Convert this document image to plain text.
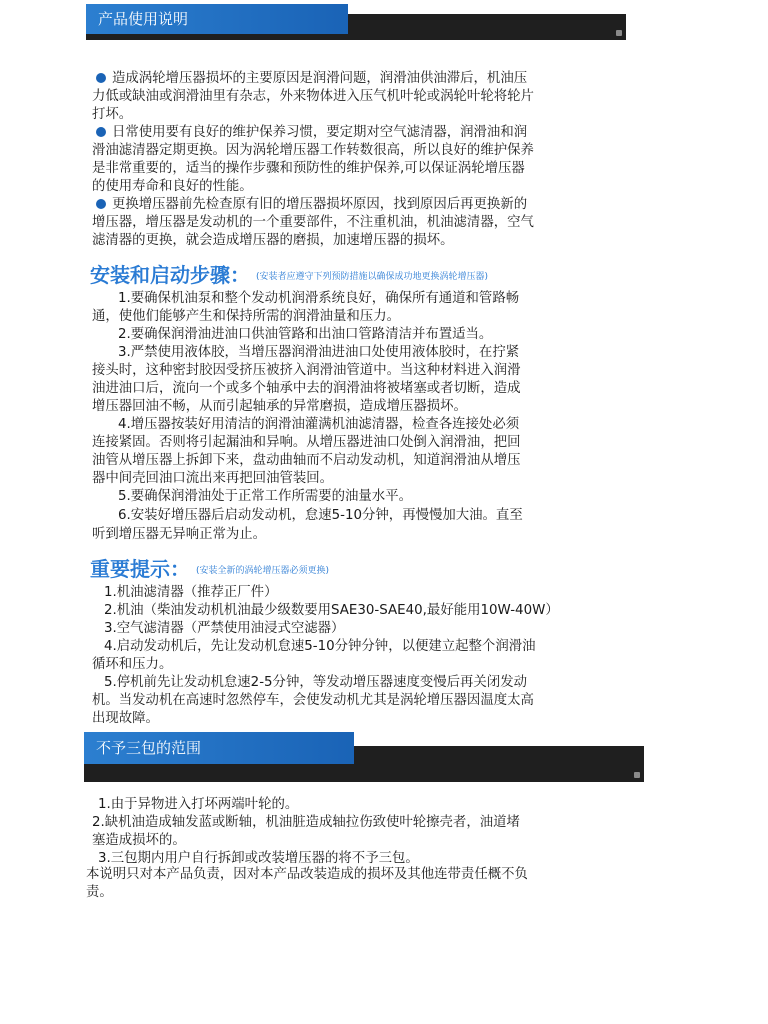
产品使用说明

造成涡轮增压器损坏的主要原因是润滑问题，润滑油供油滞后，机油压

力低或缺油或润滑油里有杂志，外来物体进入压气机叶轮或涡轮叶轮将轮片

打坏。

日常使用要有良好的维护保养习惯，要定期对空气滤清器，润滑油和润

滑油滤清器定期更换。因为涡轮增压器工作转数很高，所以良好的维护保养

是非常重要的，适当的操作步骤和预防性的维护保养,可以保证涡轮增压器

的使用寿命和良好的性能。

更换增压器前先检查原有旧的增压器损坏原因，找到原因后再更换新的

增压器，增压器是发动机的一个重要部件，不注重机油，机油滤清器，空气

滤清器的更换，就会造成增压器的磨损，加速增压器的损坏。

安装和启动步骤： (安装者应遵守下列预防措施以确保成功地更换涡轮增压器)

1.要确保机油泵和整个发动机润滑系统良好，确保所有通道和管路畅

通，使他们能够产生和保持所需的润滑油量和压力。

2.要确保润滑油进油口供油管路和出油口管路清洁并布置适当。

3.严禁使用液体胶，当增压器润滑油进油口处使用液体胶时，在拧紧

接头时，这种密封胶因受挤压被挤入润滑油管道中。当这种材料进入润滑

油进油口后，流向一个或多个轴承中去的润滑油将被堵塞或者切断，造成

增压器回油不畅，从而引起轴承的异常磨损，造成增压器损坏。

4.增压器按装好用清洁的润滑油灌满机油滤清器，检查各连接处必须

连接紧固。否则将引起漏油和异响。从增压器进油口处倒入润滑油，把回

油管从增压器上拆卸下来，盘动曲轴而不启动发动机，知道润滑油从增压

器中间壳回油口流出来再把回油管装回。

5.要确保润滑油处于正常工作所需要的油量水平。

6.安装好增压器后启动发动机，怠速5-10分钟，再慢慢加大油。直至

听到增压器无异响正常为止。

重要提示： (安装全新的涡轮增压器必须更换)

1.机油滤清器（推荐正厂件）

2.机油（柴油发动机机油最少级数要用SAE30-SAE40,最好能用10W-40W）

3.空气滤清器（严禁使用油浸式空滤器）

4.启动发动机后，先让发动机怠速5-10分钟分钟，以便建立起整个润滑油

循环和压力。

5.停机前先让发动机怠速2-5分钟，等发动增压器速度变慢后再关闭发动

机。当发动机在高速时忽然停车，会使发动机尤其是涡轮增压器因温度太高

出现故障。

不予三包的范围

1.由于异物进入打坏两端叶轮的。

2.缺机油造成轴发蓝或断轴，机油脏造成轴拉伤致使叶轮擦壳者，油道堵

塞造成损坏的。

3.三包期内用户自行拆卸或改装增压器的将不予三包。

本说明只对本产品负责，因对本产品改装造成的损坏及其他连带责任概不负

责。
